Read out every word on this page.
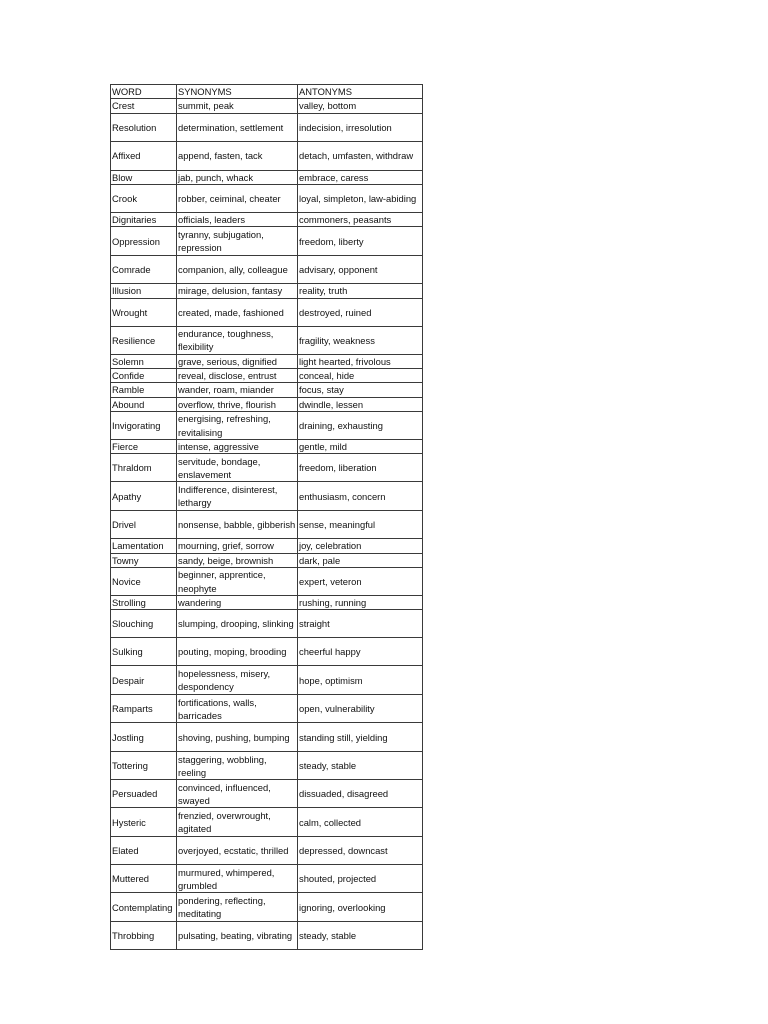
WORD	SYNONYMS	ANTONYMS
Crest	summit, peak	valley, bottom
Resolution	determination, settlement	indecision, irresolution
Affixed	append, fasten, tack	detach, umfasten, withdraw
Blow	jab, punch, whack	embrace, caress
Crook	robber, ceiminal, cheater	loyal, simpleton, law-abiding
Dignitaries	officials, leaders	commoners, peasants
Oppression	tyranny, subjugation, repression	freedom, liberty
Comrade	companion, ally, colleague	advisary, opponent
Illusion	mirage, delusion, fantasy	reality, truth
Wrought	created, made, fashioned	destroyed, ruined
Resilience	endurance, toughness, flexibility	fragility, weakness
Solemn	grave, serious, dignified	light hearted, frivolous
Confide	reveal, disclose, entrust	conceal, hide
Ramble	wander, roam, miander	focus, stay
Abound	overflow, thrive, flourish	dwindle, lessen
Invigorating	energising, refreshing, revitalising	draining, exhausting
Fierce	intense, aggressive	gentle, mild
Thraldom	servitude, bondage, enslavement	freedom, liberation
Apathy	Indifference, disinterest, lethargy	enthusiasm, concern
Drivel	nonsense, babble, gibberish	sense, meaningful
Lamentation	mourning, grief, sorrow	joy, celebration
Towny	sandy, beige, brownish	dark, pale
Novice	beginner, apprentice, neophyte	expert, veteron
Strolling	wandering	rushing, running
Slouching	slumping, drooping, slinking	straight
Sulking	pouting, moping, brooding	cheerful happy
Despair	hopelessness, misery, despondency	hope, optimism
Ramparts	fortifications, walls, barricades	open, vulnerability
Jostling	shoving, pushing, bumping	standing still, yielding
Tottering	staggering, wobbling, reeling	steady, stable
Persuaded	convinced, influenced, swayed	dissuaded, disagreed
Hysteric	frenzied, overwrought, agitated	calm, collected
Elated	overjoyed, ecstatic, thrilled	depressed, downcast
Muttered	murmured, whimpered, grumbled	shouted, projected
Contemplating	pondering, reflecting, meditating	ignoring, overlooking
Throbbing	pulsating, beating, vibrating	steady, stable
